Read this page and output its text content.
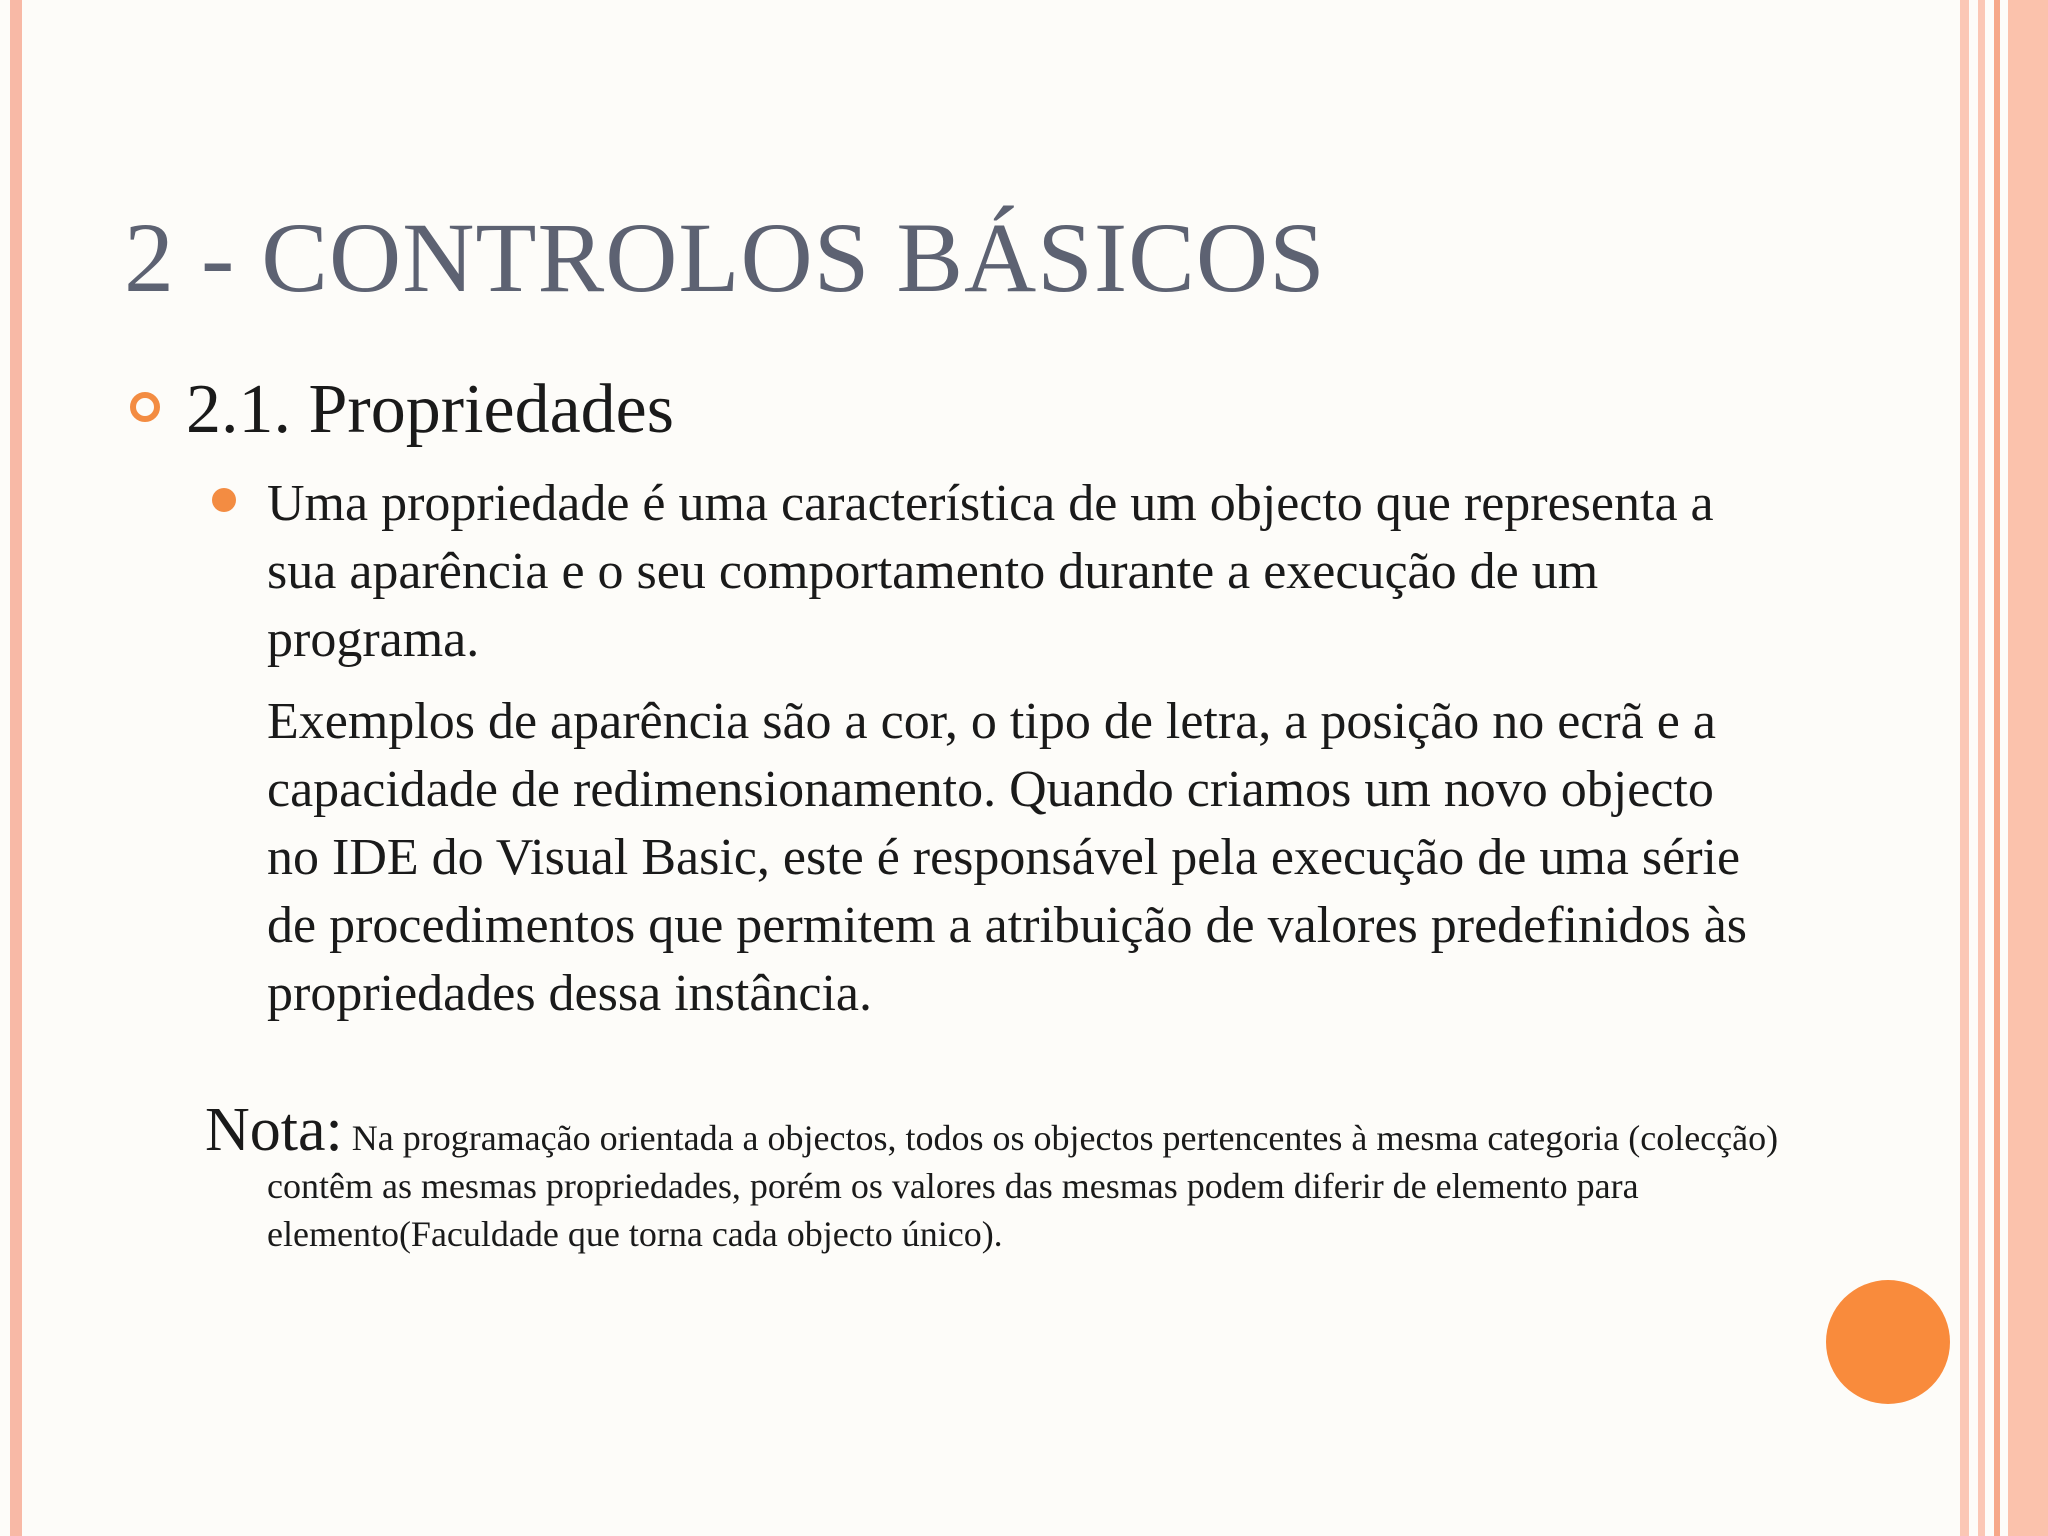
2 - CONTROLOS BÁSICOS
2.1. Propriedades

Uma propriedade é uma característica de um objecto que representa a sua aparência e o seu comportamento durante a execução de um programa.

Exemplos de aparência são a cor, o tipo de letra, a posição no ecrã e a capacidade de redimensionamento. Quando criamos um novo objecto no IDE do Visual Basic, este é responsável pela execução de uma série de procedimentos que permitem a atribuição de valores predefinidos às propriedades dessa instância.

Nota: Na programação orientada a objectos, todos os objectos pertencentes à mesma categoria (colecção) contêm as mesmas propriedades, porém os valores das mesmas podem diferir de elemento para elemento(Faculdade que torna cada objecto único).
